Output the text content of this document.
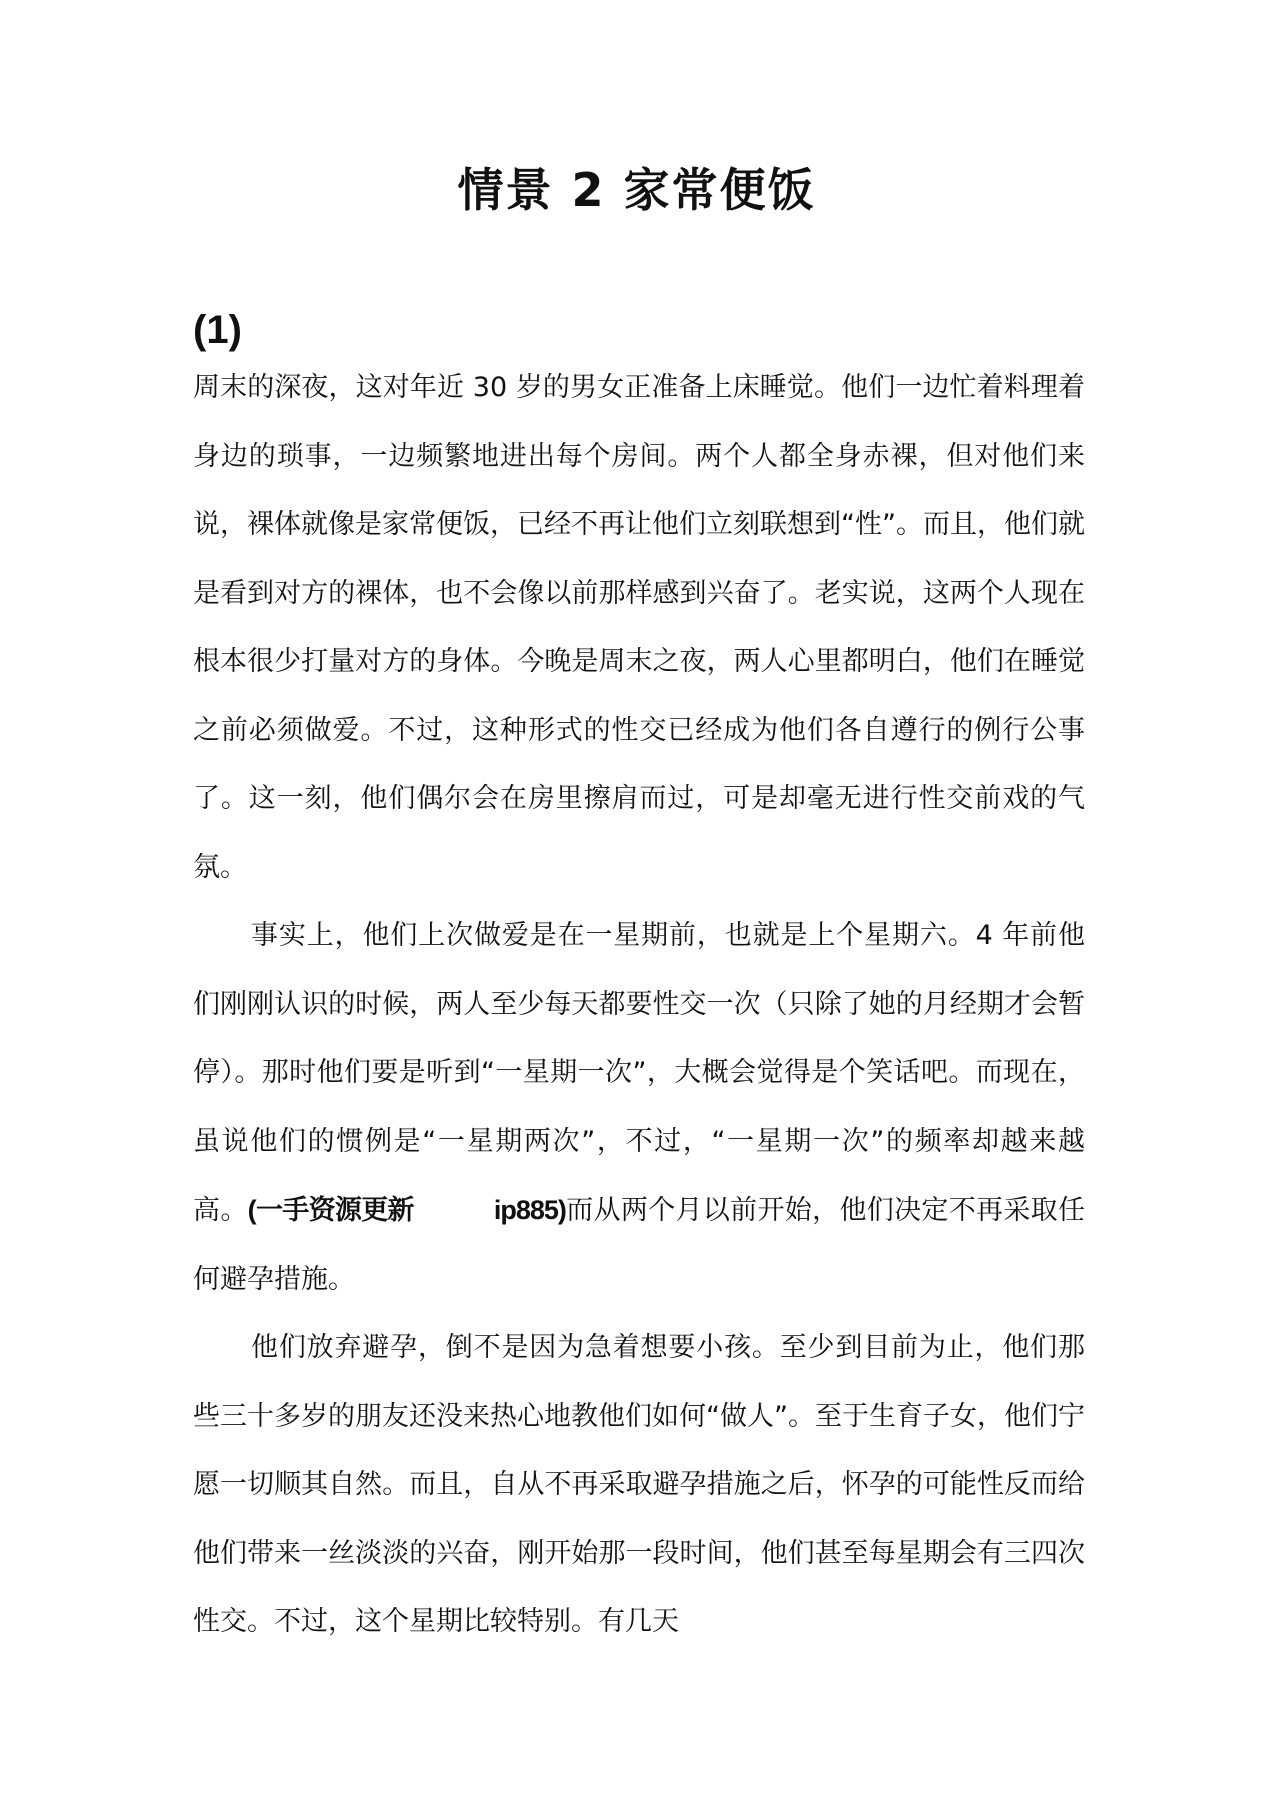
情景 2 家常便饭
(1)

周末的深夜，这对年近 30 岁的男女正准备上床睡觉。他们一边忙着料理着身边的琐事，一边频繁地进出每个房间。两个人都全身赤裸，但对他们来说，裸体就像是家常便饭，已经不再让他们立刻联想到“性”。而且，他们就是看到对方的裸体，也不会像以前那样感到兴奋了。老实说，这两个人现在根本很少打量对方的身体。今晚是周末之夜，两人心里都明白，他们在睡觉之前必须做爱。不过，这种形式的性交已经成为他们各自遵行的例行公事了。这一刻，他们偶尔会在房里擦肩而过，可是却毫无进行性交前戏的气氛。

事实上，他们上次做爱是在一星期前，也就是上个星期六。4 年前他们刚刚认识的时候，两人至少每天都要性交一次（只除了她的月经期才会暂停）。那时他们要是听到“一星期一次”，大概会觉得是个笑话吧。而现在，虽说他们的惯例是“一星期两次”，不过，“一星期一次”的频率却越来越高。(一手资源更新	ip885)而从两个月以前开始，他们决定不再采取任何避孕措施。

他们放弃避孕，倒不是因为急着想要小孩。至少到目前为止，他们那些三十多岁的朋友还没来热心地教他们如何“做人”。至于生育子女，他们宁愿一切顺其自然。而且，自从不再采取避孕措施之后，怀孕的可能性反而给他们带来一丝淡淡的兴奋，刚开始那一段时间，他们甚至每星期会有三四次性交。不过，这个星期比较特别。有几天
